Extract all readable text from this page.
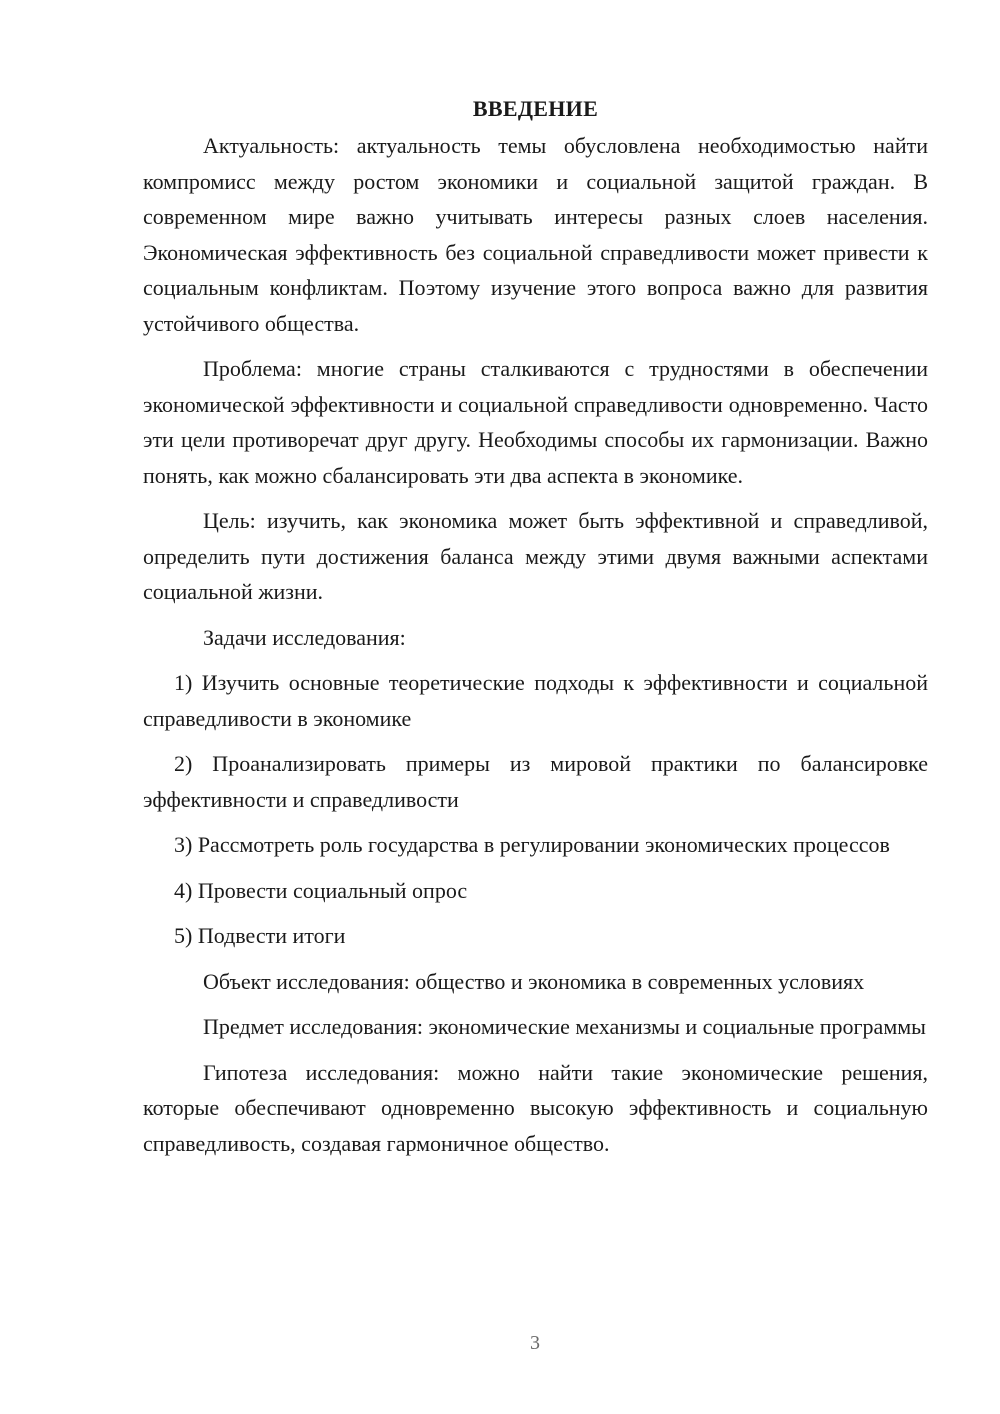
ВВЕДЕНИЕ

Актуальность: актуальность темы обусловлена необходимостью найти компромисс между ростом экономики и социальной защитой граждан. В современном мире важно учитывать интересы разных слоев населения. Экономическая эффективность без социальной справедливости может привести к социальным конфликтам. Поэтому изучение этого вопроса важно для развития устойчивого общества.

Проблема: многие страны сталкиваются с трудностями в обеспечении экономической эффективности и социальной справедливости одновременно. Часто эти цели противоречат друг другу. Необходимы способы их гармонизации. Важно понять, как можно сбалансировать эти два аспекта в экономике.

Цель: изучить, как экономика может быть эффективной и справедливой, определить пути достижения баланса между этими двумя важными аспектами социальной жизни.

Задачи исследования:

1) Изучить основные теоретические подходы к эффективности и социальной справедливости в экономике

2) Проанализировать примеры из мировой практики по балансировке эффективности и справедливости

3) Рассмотреть роль государства в регулировании экономических процессов

4) Провести социальный опрос

5) Подвести итоги

Объект исследования: общество и экономика в современных условиях

Предмет исследования: экономические механизмы и социальные программы

Гипотеза исследования: можно найти такие экономические решения, которые обеспечивают одновременно высокую эффективность и социальную справедливость, создавая гармоничное общество.

3
